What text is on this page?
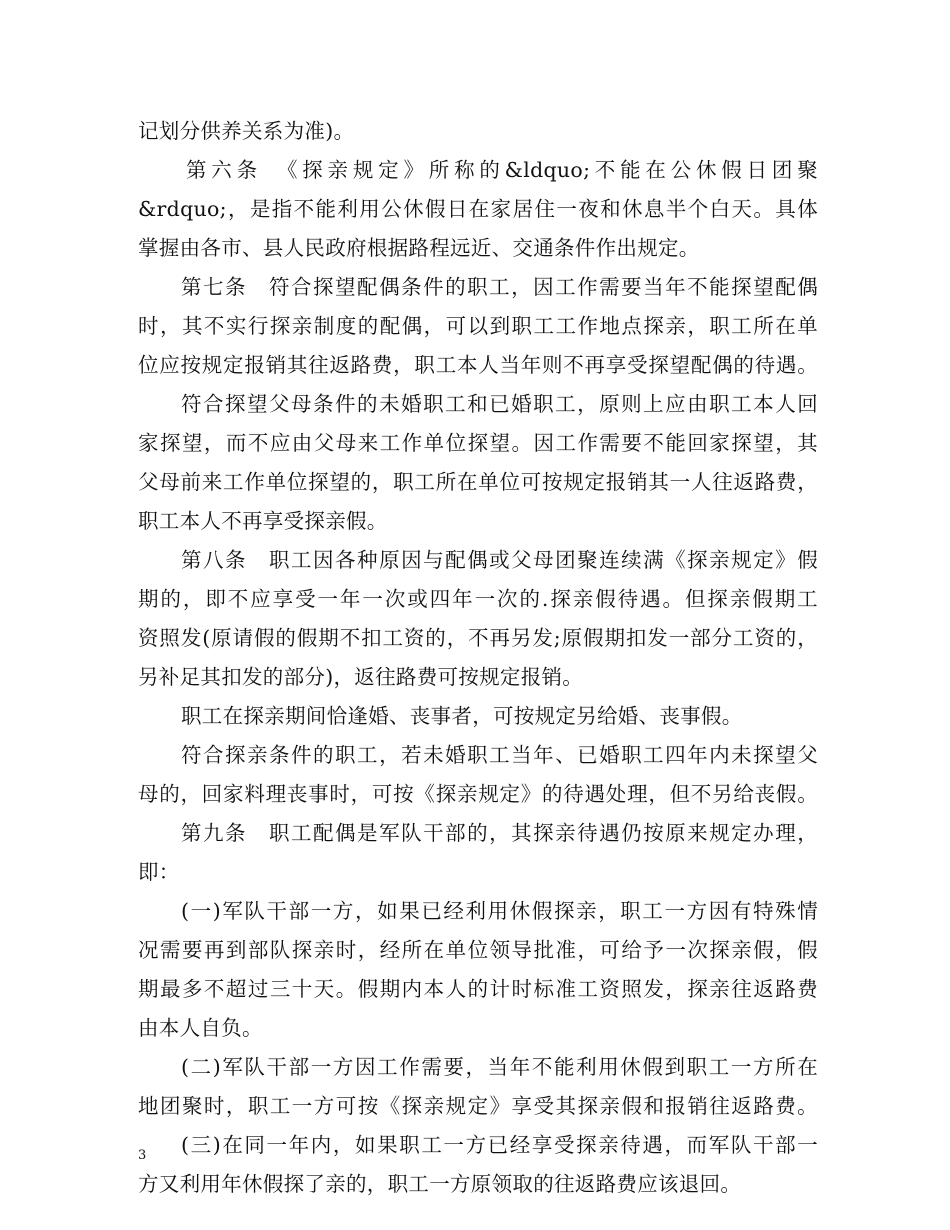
记划分供养关系为准)。
第六条　《探亲规定》所称的&ldquo;不能在公休假日团聚
&rdquo;，是指不能利用公休假日在家居住一夜和休息半个白天。具体
掌握由各市、县人民政府根据路程远近、交通条件作出规定。
第七条　符合探望配偶条件的职工，因工作需要当年不能探望配偶
时，其不实行探亲制度的配偶，可以到职工工作地点探亲，职工所在单
位应按规定报销其往返路费，职工本人当年则不再享受探望配偶的待遇。
符合探望父母条件的未婚职工和已婚职工，原则上应由职工本人回
家探望，而不应由父母来工作单位探望。因工作需要不能回家探望，其
父母前来工作单位探望的，职工所在单位可按规定报销其一人往返路费，
职工本人不再享受探亲假。
第八条　职工因各种原因与配偶或父母团聚连续满《探亲规定》假
期的，即不应享受一年一次或四年一次的.探亲假待遇。但探亲假期工
资照发(原请假的假期不扣工资的，不再另发;原假期扣发一部分工资的，
另补足其扣发的部分)，返往路费可按规定报销。
职工在探亲期间恰逢婚、丧事者，可按规定另给婚、丧事假。
符合探亲条件的职工，若未婚职工当年、已婚职工四年内未探望父
母的，回家料理丧事时，可按《探亲规定》的待遇处理，但不另给丧假。
第九条　职工配偶是军队干部的，其探亲待遇仍按原来规定办理，
即：
(一)军队干部一方，如果已经利用休假探亲，职工一方因有特殊情
况需要再到部队探亲时，经所在单位领导批准，可给予一次探亲假，假
期最多不超过三十天。假期内本人的计时标准工资照发，探亲往返路费
由本人自负。
(二)军队干部一方因工作需要，当年不能利用休假到职工一方所在
地团聚时，职工一方可按《探亲规定》享受其探亲假和报销往返路费。
(三)在同一年内，如果职工一方已经享受探亲待遇，而军队干部一
方又利用年休假探了亲的，职工一方原领取的往返路费应该退回。
3
